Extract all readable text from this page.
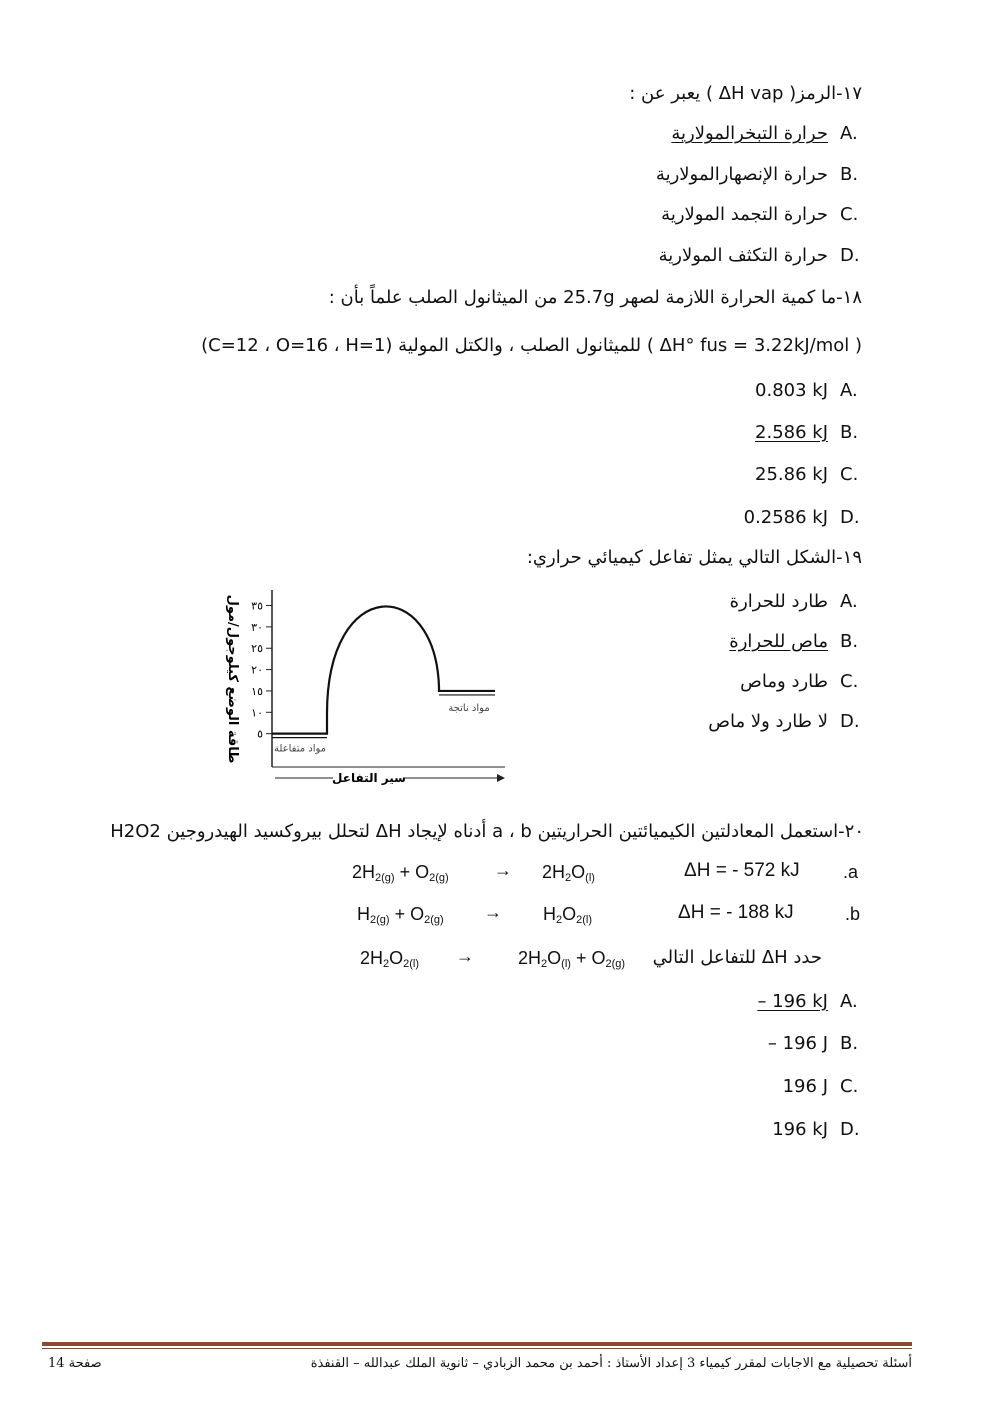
١٧-الرمز( ΔH vap ) يعبر عن :
A.حرارة التبخرالمولارية
B.حرارة الإنصهارالمولارية
C.حرارة التجمد المولارية
D.حرارة التكثف المولارية
١٨-ما كمية الحرارة اللازمة لصهر 25.7g من الميثانول الصلب علماً بأن :
( ΔH° fus = 3.22kJ/mol ) للميثانول الصلب ، والكتل المولية (C=12 ، O=16 ، H=1)
A.0.803 kJ
B.2.586 kJ
C.25.86 kJ
D.0.2586 kJ
١٩-الشكل التالي يمثل تفاعل كيميائي حراري:
A.طارد للحرارة
B.ماص للحرارة
C.طارد وماص
D.لا طارد ولا ماص
طاقة الوضع كيلوجول/مول ٥
١٠
١٥
٢٠
٢٥
٣٠
٣٥
مواد متفاعلة
مواد ناتجة
سير التفاعل
٢٠-استعمل المعادلتين الكيميائتين الحراريتين a ، b أدناه لإيجاد ΔH لتحلل بيروكسيد الهيدروجين H2O2
$2H_{2(g)} + O_{2(g)}$	→ $2H_2O_{(l)}$	ΔH = - 572 kJ .a
$H_{2(g)} + O_{2(g)} \to H_2O_{2(l)}$	ΔH = - 188 kJ	.b
حدد ΔH للتفاعل التالي
$2H_2O_{2(l)} \to 2H_2O_{(l)} + O_{2(g)}$
A.– 196 kJ
B.– 196 J
C.196 J
D.196 kJ
صفحة 14	أسئلة تحصيلية مع الاجابات لمقرر كيمياء 3 إعداد الأستاذ : أحمد بن محمد الزبادي – ثانوية الملك عبدالله – القنفذة
